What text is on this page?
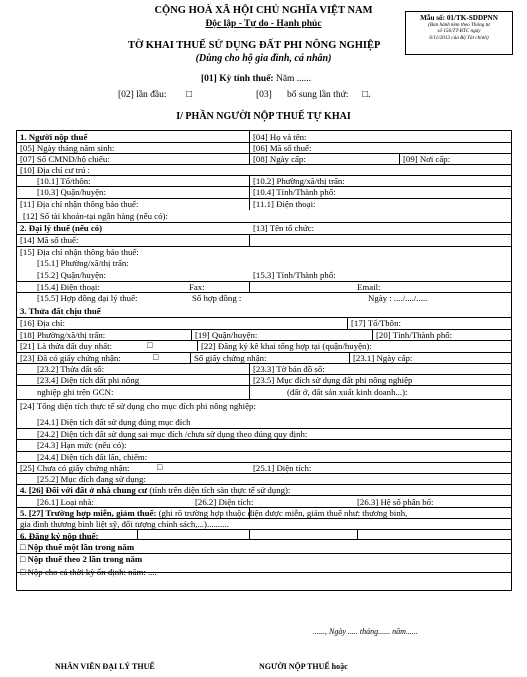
CỘNG HOÀ XÃ HỘI CHỦ NGHĨA VIỆT NAM
Độc lập - Tự do - Hạnh phúc
Mẫu số: 01/TK-SDDPNN
(Ban hành kèm theo Thông tư
số 156/TT-BTC ngày
6/11/2013 của Bộ Tài chính)
TỜ KHAI THUẾ SỬ DỤNG ĐẤT PHI NÔNG NGHIỆP
(Dùng cho hộ gia đình, cá nhân)
[01] Kỳ tính thuế: Năm ......
[02] lần đầu: □	[03] bổ sung lần thứ: □.
I/ PHẦN NGƯỜI NỘP THUẾ TỰ KHAI
1. Người nộp thuế	[04] Họ và tên:
[05] Ngày tháng năm sinh:	[06] Mã số thuế:
[07] Số CMND/hộ chiếu:	[08] Ngày cấp:	[09] Nơi cấp:
[10] Địa chỉ cư trú :
[10.1] Tổ/thôn:	[10.2] Phường/xã/thị trấn:
[10.3] Quận/huyện:	[10.4] Tỉnh/Thành phố:
[11] Địa chỉ nhận thông báo thuế:	[11.1] Điện thoại:
[12] Số tài khoản-tại ngân hàng (nếu có):
2. Đại lý thuế (nếu có)	[13] Tên tổ chức:
[14] Mã số thuế:
[15] Địa chỉ nhận thông báo thuế:
[15.1] Phường/xã/thị trấn:
[15.2] Quận/huyện:	[15.3] Tỉnh/Thành phố:
[15.4] Điện thoại:	Fax:	Email:
[15.5] Hợp đồng đại lý thuế:	Số hợp đồng :	Ngày : ..../..../.....
3. Thửa đất chịu thuế
[16] Địa chỉ:	[17] Tổ/Thôn:
[18] Phường/xã/thị trấn:	[19] Quận/huyện:	[20] Tỉnh/Thành phố:
[21] Là thửa đất duy nhất:	□	[22] Đăng ký kê khai tổng hợp tại (quận/huyện):
[23] Đã có giấy chứng nhận:	□	Số giấy chứng nhận:	[23.1] Ngày cấp:
[23.2] Thửa đất số:	[23.3] Tờ bản đồ số:
[23.4] Diện tích đất phi nông
nghiệp ghi trên GCN:
[23.5] Mục đích sử dụng đất phi nông nghiệp
(đất ở, đất sản xuất kinh doanh...):
[24] Tổng diện tích thực tế sử dụng cho mục đích phi nông nghiệp:
[24.1] Diện tích đất sử dụng đúng mục đích
[24.2] Diện tích đất sử dụng sai mục đích /chưa sử dụng theo đúng quy định:
[24.3] Hạn mức (nếu có):
[24.4] Diện tích đất lấn, chiếm:
[25] Chưa có giấy chứng nhận:	□	[25.1] Diện tích:
[25.2] Mục đích đang sử dụng:
4. [26] Đối với đất ở nhà chung cư (tính trên diện tích sàn thực tế sử dụng):
[26.1] Loại nhà:	[26.2] Diện tích:	[26.3] Hệ số phân bổ:
5. [27] Trường hợp miễn, giảm thuế: (ghi rõ trường hợp thuộc diện được miễn, giảm thuế như: thương binh,
gia đình thương binh liệt sỹ, đối tượng chính sách,...)..........
6. Đăng ký nộp thuế:
□ Nộp thuế một lần trong năm
□ Nộp thuế theo 2 lần trong năm
□ Nộp cho cả thời kỳ ổn định: năm: ....
......, Ngày ..... tháng...... năm......
NHÂN VIÊN ĐẠI LÝ THUẾ	NGƯỜI NỘP THUẾ hoặc
